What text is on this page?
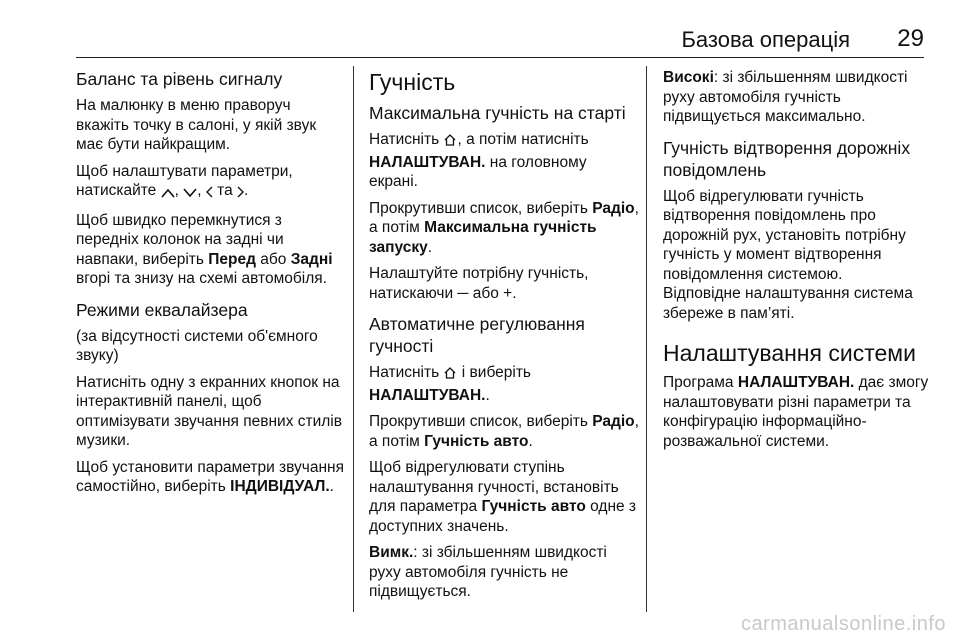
Базова операція 29
Баланс та рівень сигналу

На малюнку в меню праворуч вкажіть точку в салоні, у якій звук має бути найкращим.

Щоб налаштувати параметри, натискайте , , та .

Щоб швидко перемкнутися з передніх колонок на задні чи навпаки, виберіть Перед або Задні вгорі та знизу на схемі автомобіля.

Режими еквалайзера

(за відсутності системи об'ємного звуку)

Натисніть одну з екранних кнопок на інтерактивній панелі, щоб оптимізувати звучання певних стилів музики.

Щоб установити параметри звучання самостійно, виберіть ІНДИВІДУАЛ..

Гучність
Максимальна гучність на старті

Натисніть , а потім натисніть НАЛАШТУВАН. на головному екрані.

Прокрутивши список, виберіть Радіо, а потім Максимальна гучність запуску.

Налаштуйте потрібну гучність, натискаючи ─ або +.

Автоматичне регулювання гучності

Натисніть і виберіть НАЛАШТУВАН..

Прокрутивши список, виберіть Радіо, а потім Гучність авто.

Щоб відрегулювати ступінь налаштування гучності, встановіть для параметра Гучність авто одне з доступних значень.

Вимк.: зі збільшенням швидкості руху автомобіля гучність не підвищується.

Високі: зі збільшенням швидкості руху автомобіля гучність підвищується максимально.

Гучність відтворення дорожніх повідомлень

Щоб відрегулювати гучність відтворення повідомлень про дорожній рух, установіть потрібну гучність у момент відтворення повідомлення системою.

Відповідне налаштування система збереже в пам’яті.

Налаштування системи

Програма НАЛАШТУВАН. дає змогу налаштовувати різні параметри та конфігурацію інформаційно-розважальної системи.

carmanualsonline.info
